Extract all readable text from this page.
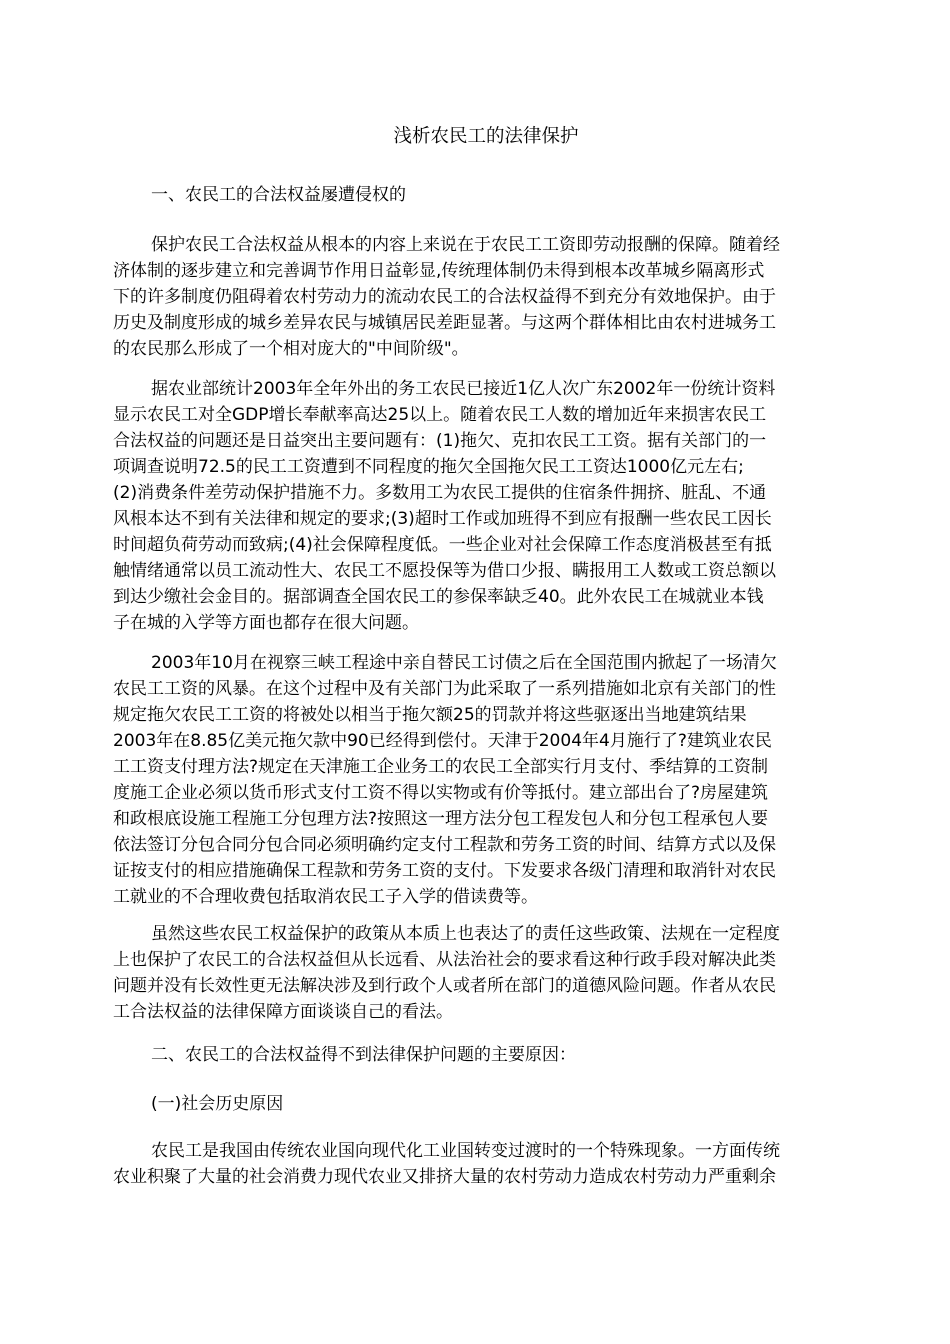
浅析农民工的法律保护

一、农民工的合法权益屡遭侵权的

保护农民工合法权益从根本的内容上来说在于农民工工资即劳动报酬的保障。随着经
济体制的逐步建立和完善调节作用日益彰显,传统理体制仍未得到根本改革城乡隔离形式
下的许多制度仍阻碍着农村劳动力的流动农民工的合法权益得不到充分有效地保护。由于
历史及制度形成的城乡差异农民与城镇居民差距显著。与这两个群体相比由农村进城务工
的农民那么形成了一个相对庞大的"中间阶级"。
据农业部统计2003年全年外出的务工农民已接近1亿人次广东2002年一份统计资料
显示农民工对全GDP增长奉献率高达25以上。随着农民工人数的增加近年来损害农民工
合法权益的问题还是日益突出主要问题有：(1)拖欠、克扣农民工工资。据有关部门的一
项调查说明72.5的民工工资遭到不同程度的拖欠全国拖欠民工工资达1000亿元左右;
(2)消费条件差劳动保护措施不力。多数用工为农民工提供的住宿条件拥挤、脏乱、不通
风根本达不到有关法律和规定的要求;(3)超时工作或加班得不到应有报酬一些农民工因长
时间超负荷劳动而致病;(4)社会保障程度低。一些企业对社会保障工作态度消极甚至有抵
触情绪通常以员工流动性大、农民工不愿投保等为借口少报、瞒报用工人数或工资总额以
到达少缴社会金目的。据部调查全国农民工的参保率缺乏40。此外农民工在城就业本钱
子在城的入学等方面也都存在很大问题。
2003年10月在视察三峡工程途中亲自替民工讨债之后在全国范围内掀起了一场清欠
农民工工资的风暴。在这个过程中及有关部门为此采取了一系列措施如北京有关部门的性
规定拖欠农民工工资的将被处以相当于拖欠额25的罚款并将这些驱逐出当地建筑结果
2003年在8.85亿美元拖欠款中90已经得到偿付。天津于2004年4月施行了?建筑业农民
工工资支付理方法?规定在天津施工企业务工的农民工全部实行月支付、季结算的工资制
度施工企业必须以货币形式支付工资不得以实物或有价等抵付。建立部出台了?房屋建筑
和政根底设施工程施工分包理方法?按照这一理方法分包工程发包人和分包工程承包人要
依法签订分包合同分包合同必须明确约定支付工程款和劳务工资的时间、结算方式以及保
证按支付的相应措施确保工程款和劳务工资的支付。下发要求各级门清理和取消针对农民
工就业的不合理收费包括取消农民工子入学的借读费等。
虽然这些农民工权益保护的政策从本质上也表达了的责任这些政策、法规在一定程度
上也保护了农民工的合法权益但从长远看、从法治社会的要求看这种行政手段对解决此类
问题并没有长效性更无法解决涉及到行政个人或者所在部门的道德风险问题。作者从农民
工合法权益的法律保障方面谈谈自己的看法。

二、农民工的合法权益得不到法律保护问题的主要原因：

(一)社会历史原因

农民工是我国由传统农业国向现代化工业国转变过渡时的一个特殊现象。一方面传统
农业积聚了大量的社会消费力现代农业又排挤大量的农村劳动力造成农村劳动力严重剩余
